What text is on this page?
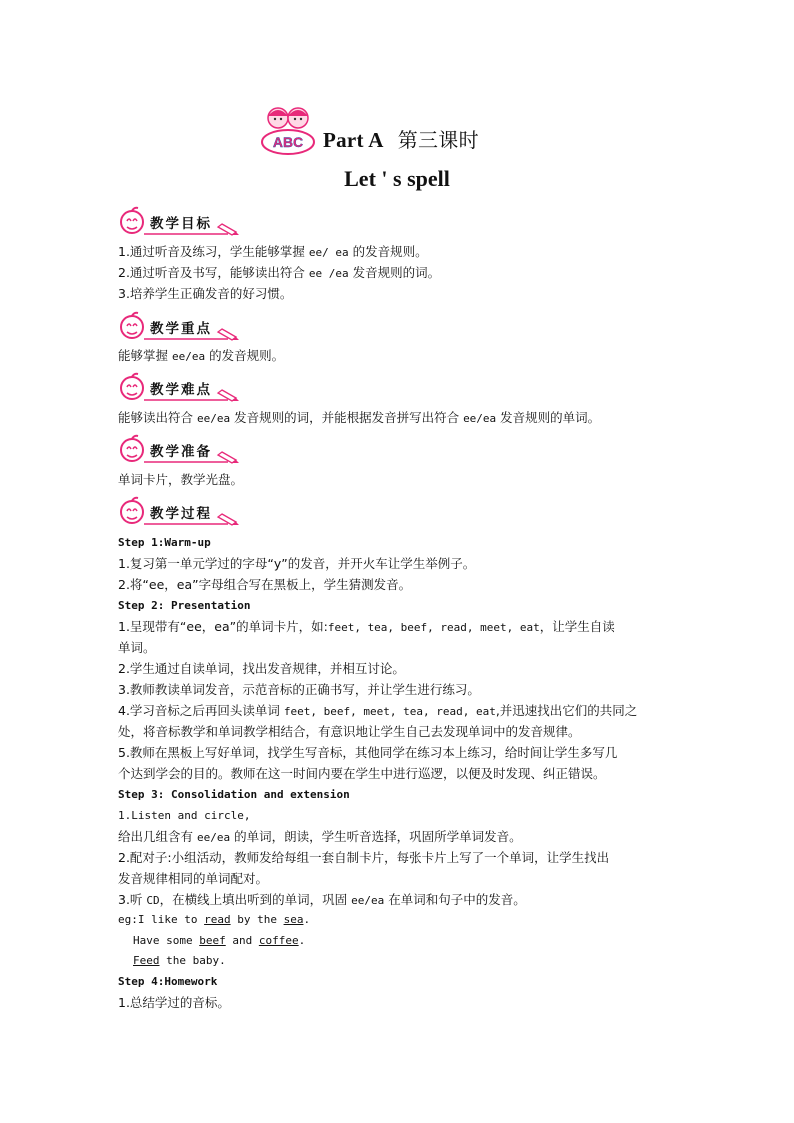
ABC Part A 第三课时
Let ' s spell
教学目标
1.通过听音及练习，学生能够掌握 ee/ ea 的发音规则。
2.通过听音及书写，能够读出符合 ee /ea 发音规则的词。
3.培养学生正确发音的好习惯。
教学重点
能够掌握 ee/ea 的发音规则。
教学难点
能够读出符合 ee/ea 发音规则的词，并能根据发音拼写出符合 ee/ea 发音规则的单词。
教学准备
单词卡片，教学光盘。
教学过程
Step 1:Warm-up
1.复习第一单元学过的字母“y”的发音，并开火车让学生举例子。
2.将“ee，ea”字母组合写在黑板上，学生猜测发音。
Step 2: Presentation
1.呈现带有“ee，ea”的单词卡片，如:feet, tea, beef, read, meet, eat，让学生自读
单词。
2.学生通过自读单词，找出发音规律，并相互讨论。
3.教师教读单词发音，示范音标的正确书写，并让学生进行练习。
4.学习音标之后再回头读单词 feet, beef, meet, tea, read, eat,并迅速找出它们的共同之
处，将音标教学和单词教学相结合，有意识地让学生自己去发现单词中的发音规律。
5.教师在黑板上写好单词，找学生写音标，其他同学在练习本上练习，给时间让学生多写几
个达到学会的目的。教师在这一时间内要在学生中进行巡逻，以便及时发现、纠正错误。
Step 3: Consolidation and extension
1.Listen and circle,
给出几组含有 ee/ea 的单词，朗读，学生听音选择，巩固所学单词发音。
2.配对子:小组活动，教师发给每组一套自制卡片，每张卡片上写了一个单词，让学生找出
发音规律相同的单词配对。
3.听 CD，在横线上填出听到的单词，巩固 ee/ea 在单词和句子中的发音。
eg:I like to read by the sea.
Have some beef and coffee.
Feed the baby.
Step 4:Homework
1.总结学过的音标。
